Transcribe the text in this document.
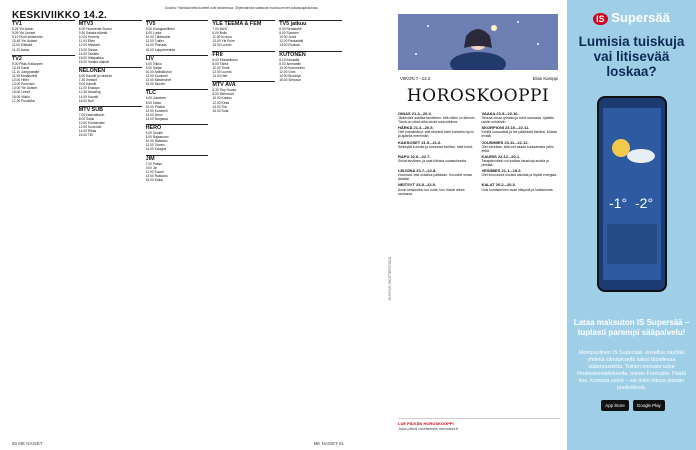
KESKIVIIKKO 14.2.
Uusinta Yhdeksänneltä tuotteet ovat selaimessa. Ohjelmatiedot saattavat muuttua ennen julkaisuajankohtaa.
TV1
6.25 Yle Aamu
9.05 Yle Uutiset
9.10 Puoli seitsemän
10.45 Yle Uutiset
11.00 Elämää
11.20 Aatos
TV2
9.00 Pikku Kakkonen
10.15 Kaksi
11.10 Jumpparatte
11.30 Kesähotelli
12.00 Hitler
13.00 Eurovisio
14.00 Yle Uutiset
15.00 Lessit
16.00 Viikko
17.00 Puoliaika
MTV3
6.00 Huomenta Suomi
9.30 Salatut elämät
10.00 Hommy
11.00 Ellen
12.00 Mestarit
13.00 Sietoa
14.00 Taistelu
15.00 Hääpaikka
16.00 Salatut elämät
NELONEN
6.00 Kauniit ja rohkeat
7.30 Ihmiset
9.00 Kauniit
11.00 Ensiapu
12.30 Amazing
14.00 Kauniit
16.00 Bull
MTV SUB
7.00 Haavoittavin
8.00 Sotisi
10.00 Emmerdale
12.00 Kova laki
14.00 Rikas
16.00 Tilli
TV5
6.00 Kumppanilleen
8.00 Lunta
10.00 Tähtisodat
12.00 Trailer
14.00 Pinnalla
16.00 Lappeenranta
LIV
6.00 Viikko
8.00 Sarjat
10.00 Antikkituhot
12.00 Kummeli
13.00 Masterchef
15.00 Murder
TLC
6.00 Jokainen
8.00 Katso
10.00 Pihalla
12.00 Kummeli
13.00 Drew
14.00 Norjassa
HERO
6.00 Sinulle
8.00 Rajasuomi
10.00 Rakkaus
12.00 Toinen
14.00 Kauppa
JIM
7.00 Paksu
9.00 Jin
11.00 Suomi
13.00 Rakkaus
15.00 Kaksi
YLE TEEMA & FEM
7.00 BUSI
9.00 Bulls
11.00 Kruunu
13.00 Yle Puhe
15.00 Luonto
FRII
6.00 Kinnaskurun
8.00 Tämä
10.00 Tiede
12.00 Luonto
14.00 Hiirt
MTV AVA
6.30 Tiny House
8.00 Merirosvo
10.00 Kaunis
12.00 Kesä
14.00 Tila
16.00 Sota
TV5 jatkuu
6.00 Rentalahti
8.00 Suomen
10.00 Jenni
12.00 Rentalahti
14.00 Ruokaa
KUTONEN
6.15 Kirvaalla
8.00 Ammattiin
10.00 Kummelinn
12.00 Onni
14.00 Brooklyn
16.00 Simpson
60 ME NAISET
VIIKON 7.–13.2.	Elian Kamppi
HOROSKOOPPI
OINAS 21.3.–20.4.
Järkevästi asettaa tavoitteen, että viikko on lämmin. Tämä on oikea aika tehdä suunnitelmia.
VAAKA 23.9.–22.10.
Seuraa omaa rytmiäsi ja toimi rauhassa. Ajattele uusiin suhteisiin.
HÄRKÄ 21.4.–20.5.
Olet ymmärtänyt, että läheisiä tulee kohdella hyvin ja ajatella enemmän.
SKORPIONI 23.10.–22.11.
Kehitä luovuuttasi ja tee päätöksiä itsellesi. Muista levätä.
KAKSOSET 21.5.–21.6.
Selkeytät kuvioita ja tunnustat itsellesi, mitä toivot.
JOUSIMIES 23.11.–21.12.
Olet toiveikas, sillä voit saada kohtaamisia joihin ehtiä.
RAPU 22.6.–22.7.
Sinua tarvitaan, ja saat kiitosta uurastuksesta.
KAURIS 22.12.–20.1.
Tasapainottelu voi tuottaa hauskoja asioita ja piristää.
LEIJONA 23.7.–22.8.
Huomaat, että uskallus palkitaan. Kuuntele omaa ääntäsi.
VESIMIES 21.1.–19.2.
Olet innostunut uusista asioista ja löydät energiaa.
NEITSYT 23.8.–22.9.
Avoin keskustelu tuo uutta, kun hoidat arkea rauhassa.
KALAT 20.2.–20.3.
Uusi kohtaaminen avaa näkymiä ja luottamusta.
LUE PÄIVÄN HOROSKOOPPI
Joka päivä osoitteesta menaiset.fi
KUVITUS SHUTTERSTOCK
IS Supersää
Lumisia tuiskuja vai litisevää loskaa?
-1° -2°
Lataa maksuton IS Supersää – tuplasti parempi sääpalvelu!
Monipuolinen IS Supersää -sovellus näyttää yhdellä silmäyksellä kaksi kilpailevaa sääennustetta. Toinen ennuste tulee Ilmatieteenlaitokselta, toinen Forecalta. Päätä itse, kumpaa uskot – vai onko totuus jossain puolivälissä.
App Store	Google Play
ME NAISET 61
